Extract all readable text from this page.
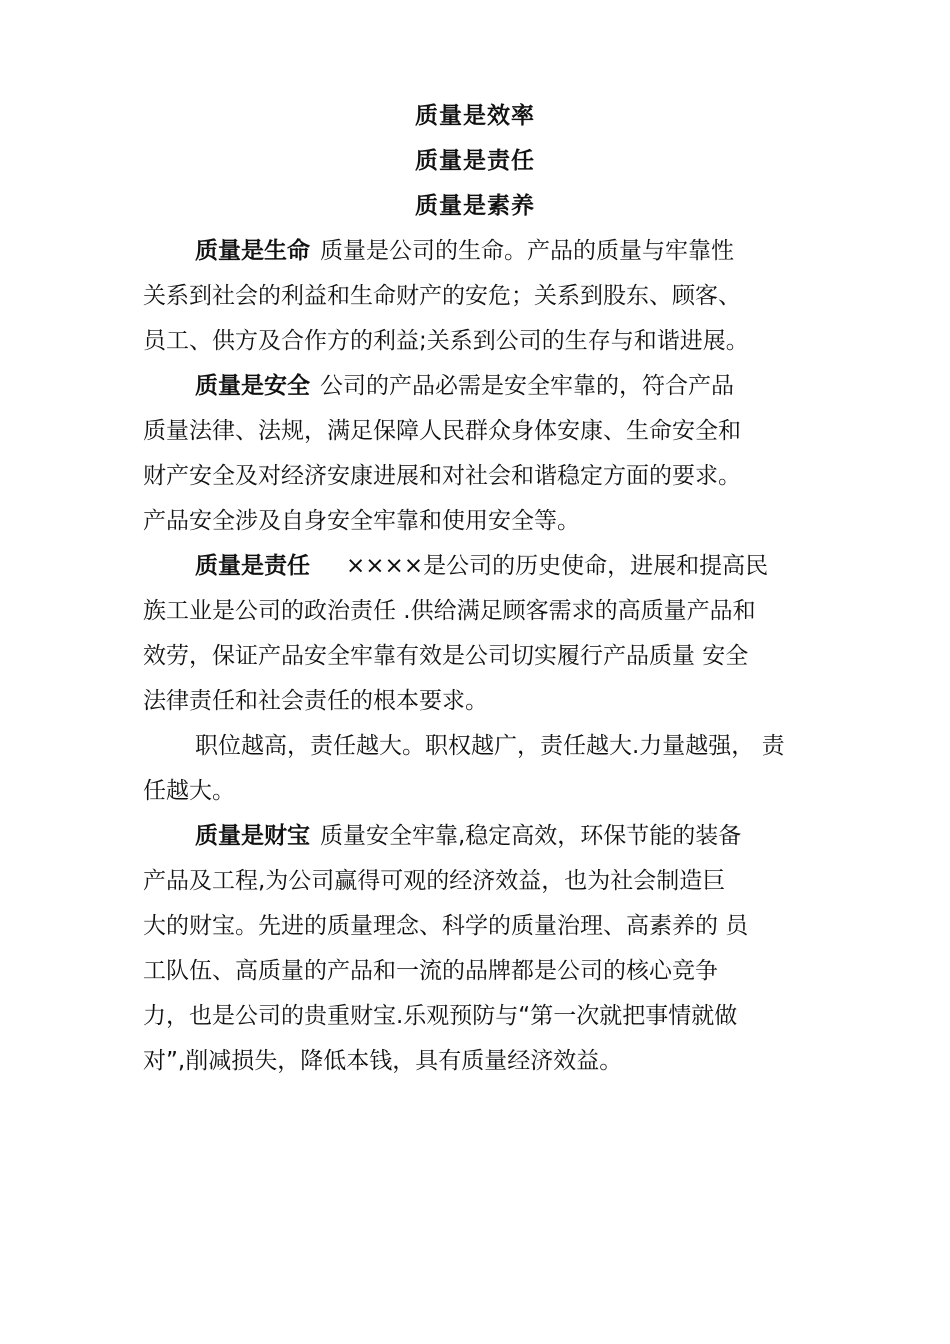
质量是效率
质量是责任
质量是素养
质量是生命 质量是公司的生命。产品的质量与牢靠性
关系到社会的利益和生命财产的安危；关系到股东、顾客、
员工、供方及合作方的利益;关系到公司的生存与和谐进展。
质量是安全 公司的产品必需是安全牢靠的，符合产品
质量法律、法规，满足保障人民群众身体安康、生命安全和
财产安全及对经济安康进展和对社会和谐稳定方面的要求。
产品安全涉及自身安全牢靠和使用安全等。
质量是责任 ××××是公司的历史使命，进展和提高民
族工业是公司的政治责任 .供给满足顾客需求的高质量产品和
效劳，保证产品安全牢靠有效是公司切实履行产品质量 安全
法律责任和社会责任的根本要求。
职位越高，责任越大。职权越广，责任越大.力量越强， 责
任越大。
质量是财宝 质量安全牢靠,稳定高效，环保节能的装备
产品及工程,为公司赢得可观的经济效益，也为社会制造巨
大的财宝。先进的质量理念、科学的质量治理、高素养的 员
工队伍、高质量的产品和一流的品牌都是公司的核心竞争
力，也是公司的贵重财宝.乐观预防与“第一次就把事情就做
对”,削减损失，降低本钱，具有质量经济效益。
